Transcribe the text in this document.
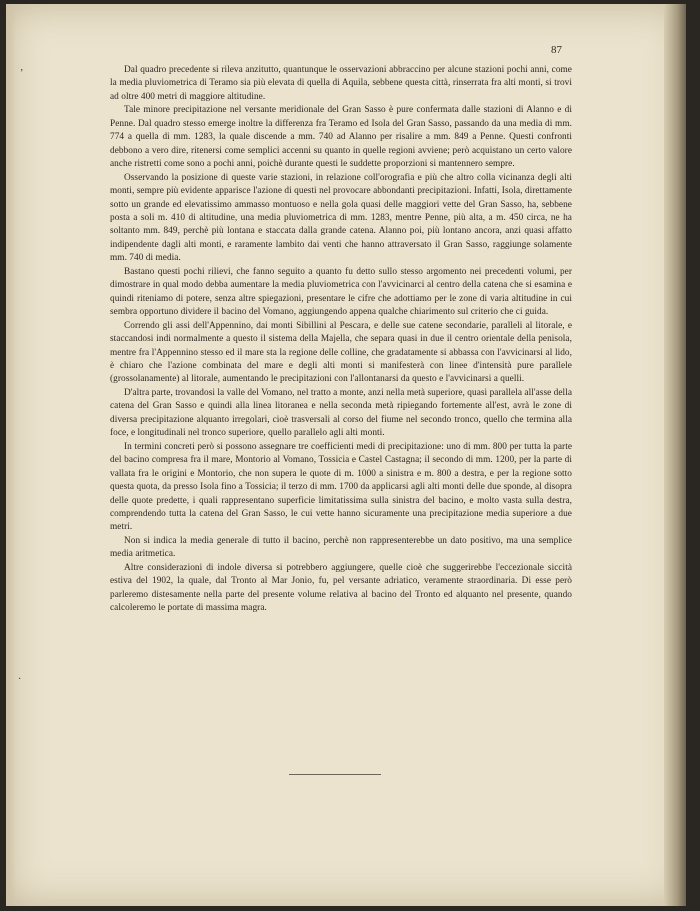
87

Dal quadro precedente si rileva anzitutto, quantunque le osservazioni abbraccino per alcune stazioni pochi anni, come la media pluviometrica di Teramo sia più elevata di quella di Aquila, sebbene questa città, rinserrata fra alti monti, si trovi ad oltre 400 metri di maggiore altitudine.

Tale minore precipitazione nel versante meridionale del Gran Sasso è pure confermata dalle stazioni di Alanno e di Penne. Dal quadro stesso emerge inoltre la differenza fra Teramo ed Isola del Gran Sasso, passando da una media di mm. 774 a quella di mm. 1283, la quale discende a mm. 740 ad Alanno per risalire a mm. 849 a Penne. Questi confronti debbono a vero dire, ritenersi come semplici accenni su quanto in quelle regioni avviene; però acquistano un certo valore anche ristretti come sono a pochi anni, poichè durante questi le suddette proporzioni si mantennero sempre.

Osservando la posizione di queste varie stazioni, in relazione coll'orografia e più che altro colla vicinanza degli alti monti, sempre più evidente apparisce l'azione di questi nel provocare abbondanti precipitazioni. Infatti, Isola, direttamente sotto un grande ed elevatissimo ammasso montuoso e nella gola quasi delle maggiori vette del Gran Sasso, ha, sebbene posta a soli m. 410 di altitudine, una media pluviometrica di mm. 1283, mentre Penne, più alta, a m. 450 circa, ne ha soltanto mm. 849, perchè più lontana e staccata dalla grande catena. Alanno poi, più lontano ancora, anzi quasi affatto indipendente dagli alti monti, e raramente lambito dai venti che hanno attraversato il Gran Sasso, raggiunge solamente mm. 740 di media.

Bastano questi pochi rilievi, che fanno seguito a quanto fu detto sullo stesso argomento nei precedenti volumi, per dimostrare in qual modo debba aumentare la media pluviometrica con l'avvicinarci al centro della catena che si esamina e quindi riteniamo di potere, senza altre spiegazioni, presentare le cifre che adottiamo per le zone di varia altitudine in cui sembra opportuno dividere il bacino del Vomano, aggiungendo appena qualche chiarimento sul criterio che ci guida.

Correndo gli assi dell'Appennino, dai monti Sibillini al Pescara, e delle sue catene secondarie, paralleli al litorale, e staccandosi indi normalmente a questo il sistema della Majella, che separa quasi in due il centro orientale della penisola, mentre fra l'Appennino stesso ed il mare sta la regione delle colline, che gradatamente si abbassa con l'avvicinarsi al lido, è chiaro che l'azione combinata del mare e degli alti monti si manifesterà con linee d'intensità pure parallele (grossolanamente) al litorale, aumentando le precipitazioni con l'allontanarsi da questo e l'avvicinarsi a quelli.

D'altra parte, trovandosi la valle del Vomano, nel tratto a monte, anzi nella metà superiore, quasi parallela all'asse della catena del Gran Sasso e quindi alla linea litoranea e nella seconda metà ripiegando fortemente all'est, avrà le zone di diversa precipitazione alquanto irregolari, cioè trasversali al corso del fiume nel secondo tronco, quello che termina alla foce, e longitudinali nel tronco superiore, quello parallelo agli alti monti.

In termini concreti però si possono assegnare tre coefficienti medi di precipitazione: uno di mm. 800 per tutta la parte del bacino compresa fra il mare, Montorio al Vomano, Tossicia e Castel Castagna; il secondo di mm. 1200, per la parte di vallata fra le origini e Montorio, che non supera le quote di m. 1000 a sinistra e m. 800 a destra, e per la regione sotto questa quota, da presso Isola fino a Tossicia; il terzo di mm. 1700 da applicarsi agli alti monti delle due sponde, al disopra delle quote predette, i quali rappresentano superficie limitatissima sulla sinistra del bacino, e molto vasta sulla destra, comprendendo tutta la catena del Gran Sasso, le cui vette hanno sicuramente una precipitazione media superiore a due metri.

Non si indica la media generale di tutto il bacino, perchè non rappresenterebbe un dato positivo, ma una semplice media aritmetica.

Altre considerazioni di indole diversa si potrebbero aggiungere, quelle cioè che suggerirebbe l'eccezionale siccità estiva del 1902, la quale, dal Tronto al Mar Jonio, fu, pel versante adriatico, veramente straordinaria. Di esse però parleremo distesamente nella parte del presente volume relativa al bacino del Tronto ed alquanto nel presente, quando calcoleremo le portate di massima magra.

ʼ
·
